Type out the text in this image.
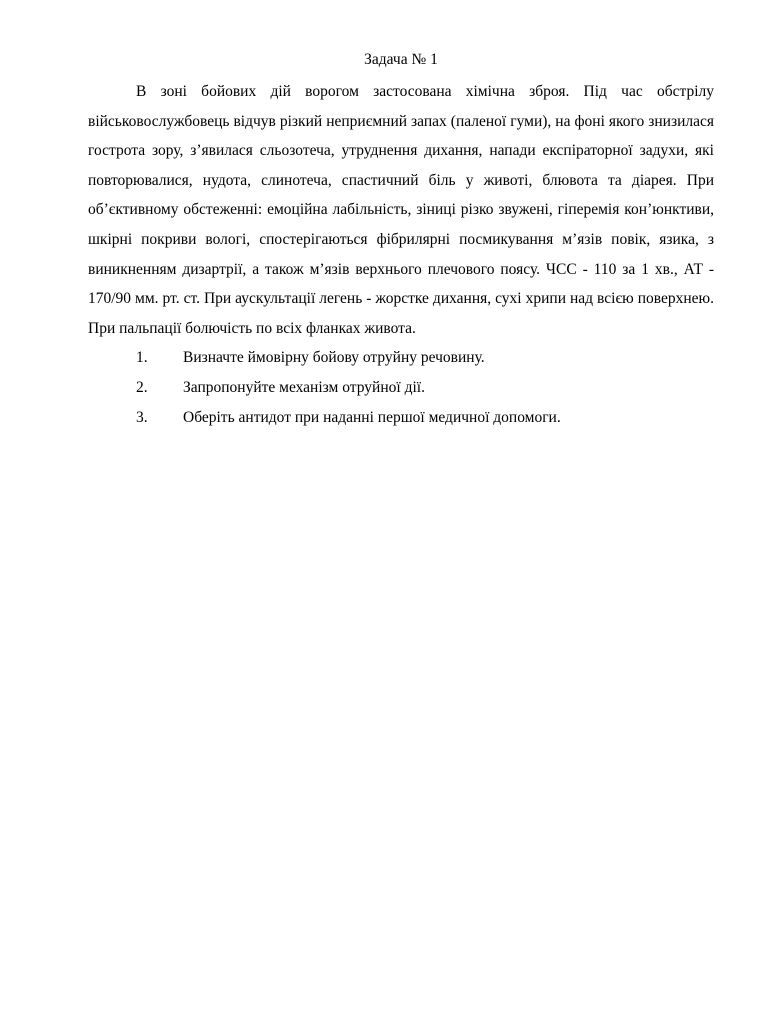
Задача № 1

В зоні бойових дій ворогом застосована хімічна зброя. Під час обстрілу військовослужбовець відчув різкий неприємний запах (паленої гуми), на фоні якого знизилася гострота зору, з’явилася сльозотеча, утруднення дихання, напади експіраторної задухи, які повторювалися, нудота, слинотеча, спастичний біль у животі, блювота та діарея. При об’єктивному обстеженні: емоційна лабільність, зіниці різко звужені, гіперемія кон’юнктиви, шкірні покриви вологі, спостерігаються фібрилярні посмикування м’язів повік, язика, з виникненням дизартрії, а також м’язів верхнього плечового поясу. ЧСС - 110 за 1 хв., АТ - 170/90 мм. рт. ст. При аускультації легень - жорстке дихання, сухі хрипи над всією поверхнею. При пальпації болючість по всіх фланках живота.

1.	Визначте ймовірну бойову отруйну речовину.
2.	Запропонуйте механізм отруйної дії.
3.	Оберіть антидот при наданні першої медичної допомоги.
